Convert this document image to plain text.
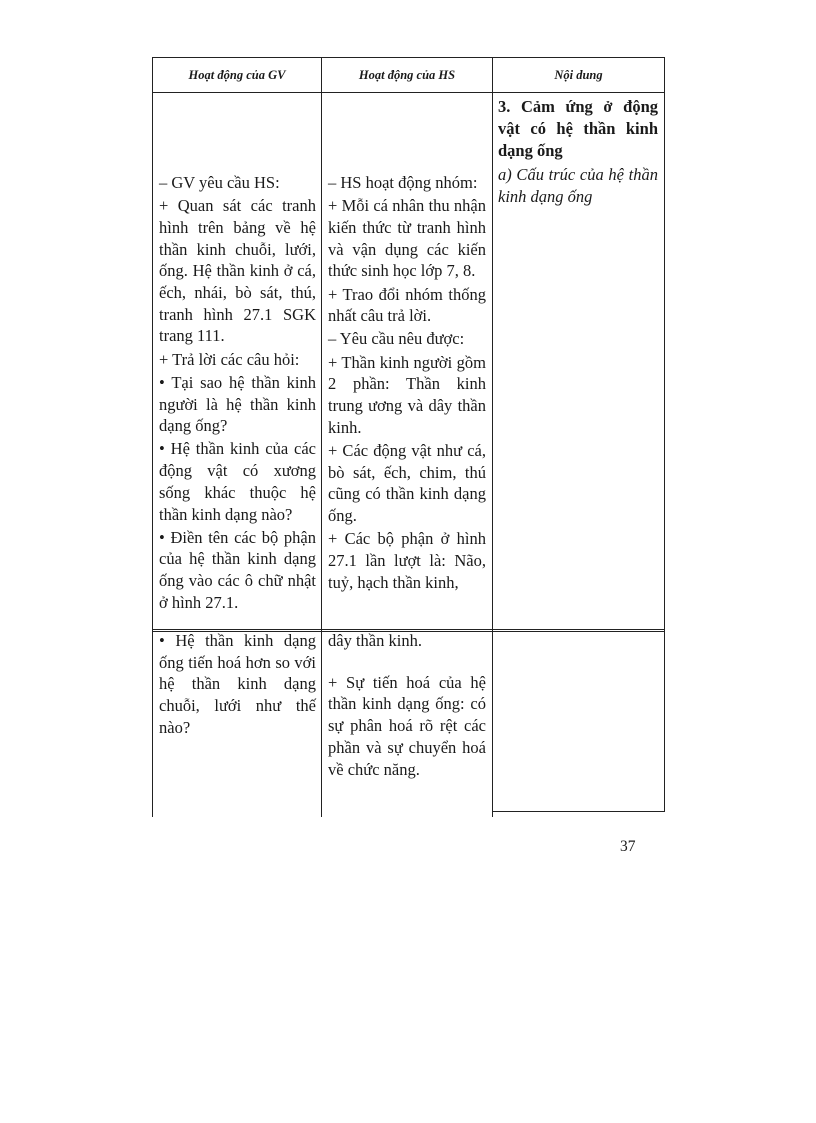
Hoạt động của GV	Hoạt động của HS	Nội dung

– GV yêu cầu HS:

+ Quan sát các tranh hình trên bảng về hệ thần kinh chuỗi, lưới, ống. Hệ thần kinh ở cá, ếch, nhái, bò sát, thú, tranh hình 27.1 SGK trang 111.

+ Trả lời các câu hỏi:

• Tại sao hệ thần kinh người là hệ thần kinh dạng ống?

• Hệ thần kinh của các động vật có xương sống khác thuộc hệ thần kinh dạng nào?

• Điền tên các bộ phận của hệ thần kinh dạng ống vào các ô chữ nhật ở hình 27.1.

– HS hoạt động nhóm:

+ Mỗi cá nhân thu nhận kiến thức từ tranh hình và vận dụng các kiến thức sinh học lớp 7, 8.

+ Trao đổi nhóm thống nhất câu trả lời.

– Yêu cầu nêu được:

+ Thần kinh người gồm 2 phần: Thần kinh trung ương và dây thần kinh.

+ Các động vật như cá, bò sát, ếch, chim, thú cũng có thần kinh dạng ống.

+ Các bộ phận ở hình 27.1 lần lượt là: Não, tuỷ, hạch thần kinh,

3. Cảm ứng ở động vật có hệ thần kinh dạng ống

a) Cấu trúc của hệ thần kinh dạng ống

• Hệ thần kinh dạng ống tiến hoá hơn so với hệ thần kinh dạng chuỗi, lưới như thế nào?

dây thần kinh.

+ Sự tiến hoá của hệ thần kinh dạng ống: có sự phân hoá rõ rệt các phần và sự chuyển hoá về chức năng.

37
